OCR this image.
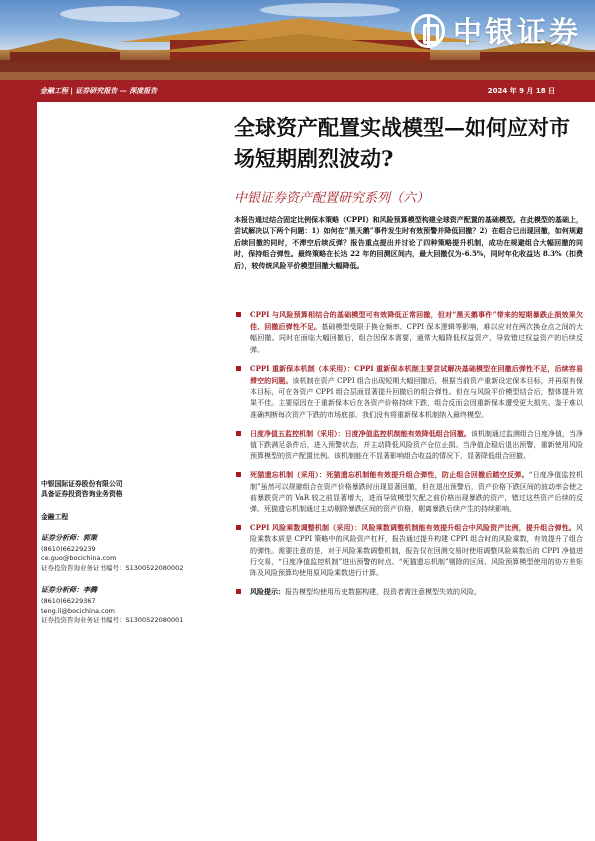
中银证券
金融工程 | 证券研究报告 — 深度报告	2024 年 9 月 18 日
全球资产配置实战模型—如何应对市场短期剧烈波动?
中银证券资产配置研究系列（六）

本报告通过结合固定比例保本策略（CPPI）和风险预算模型构建全球资产配置的基础模型。在此模型的基础上，尝试解决以下两个问题：1）如何在“黑天鹅”事件发生时有效预警并降低回撤？2）在组合已出现回撤，如何规避后续回撤的同时，不滞空后续反弹？报告重点提出并讨论了四种策略提升机制，成功在规避组合大幅回撤的同时，保持组合弹性。最终策略在长达 22 年的回测区间内，最大回撤仅为-6.5%，同时年化收益达 8.3%（扣费后），较传统风险平价模型回撤大幅降低。

CPPI 与风险预算相结合的基础模型可有效降低正常回撤，但对“黑天鹅事件”带来的短期暴跌止损效果欠佳、回撤后弹性不足。基础模型受限于换仓频率、CPPI 保本逻辑等影响，难以应对在两次换仓点之间的大幅回撤。同时在面临大幅回撤后，组合因保本需要，通常大幅降低权益资产，导致错过权益资产的后续反弹。
CPPI 重新保本机制（本采用）：CPPI 重新保本机制主要尝试解决基础模型在回撤后弹性不足，后续容易滞空的问题。该机制在资产 CPPI 组合出现短期大幅回撤后，根据当前资产重新设定保本目标，并再原有保本目标，可在各资产 CPPI 组合层面显著提升回撤后的组合弹性。但在与风险平价模型结合后，整体提升效果不佳。主要原因在于重新保本后在各资产价格持续下跌，组合反而会因重新保本遭受更大损失。鉴于难以准确判断每次资产下跌的市场底部，我们没有将重新保本机制纳入最终模型。
日度净值五监控机制（采用）：日度净值监控机制能有效降低组合回撤。该机制通过监测组合日度净值，当净值下跌满足条件后，进入预警状态，并主动降低风险资产仓位止损。当净值企稳后退出预警，重新使用风险预算模型的资产配置比例。该机制能在不显著影响组合收益的情况下，显著降低组合回撤。
死猫遗忘机制（采用）：死猫遗忘机制能有效提升组合弹性，防止组合回撤后踏空反弹。“日度净值监控机制”虽然可以规避组合在资产价格暴跌时出现显著回撤，但在退出预警后，资产价格下跌区间的波动率会使之前暴跌资产的 VaR 较之前显著增大，进而导致模型欠配之前价格出现暴跌的资产，错过这些资产后续的反弹。死猫遗忘机制通过主动剔除暴跌区间的资产价格，剔离暴跌后续产生的持续影响。
CPPI 风险乘数调整机制（采用）：风险乘数调整机制能有效提升组合中风险资产比例，提升组合弹性。风险乘数本质是 CPPI 策略中的风险资产杠杆，报告通过提升构建 CPPI 组合时的风险乘数，有效提升了组合的弹性。需要注意的是，对于风险乘数调整机制，报告仅在回测交易时使用调整风险乘数后的 CPPI 净值进行交易，“日度净值监控机制”进出预警的时点、“死猫遗忘机制”剔除的区间、风险预算模型使用的协方差矩阵及风险预算均使用原风险乘数进行计算。
风险提示：报告模型均使用历史数据构建，投资者需注意模型失效的风险。
中银国际证券股份有限公司
具备证券投资咨询业务资格
金融工程
证券分析师：郭策
(8610)66229239
ce.guo@bocichina.com
证券投资咨询业务证书编号：S1300522080002
证券分析师：李腾
(8610)66229367
teng.li@bocichina.com
证券投资咨询业务证书编号：S1300522080001
